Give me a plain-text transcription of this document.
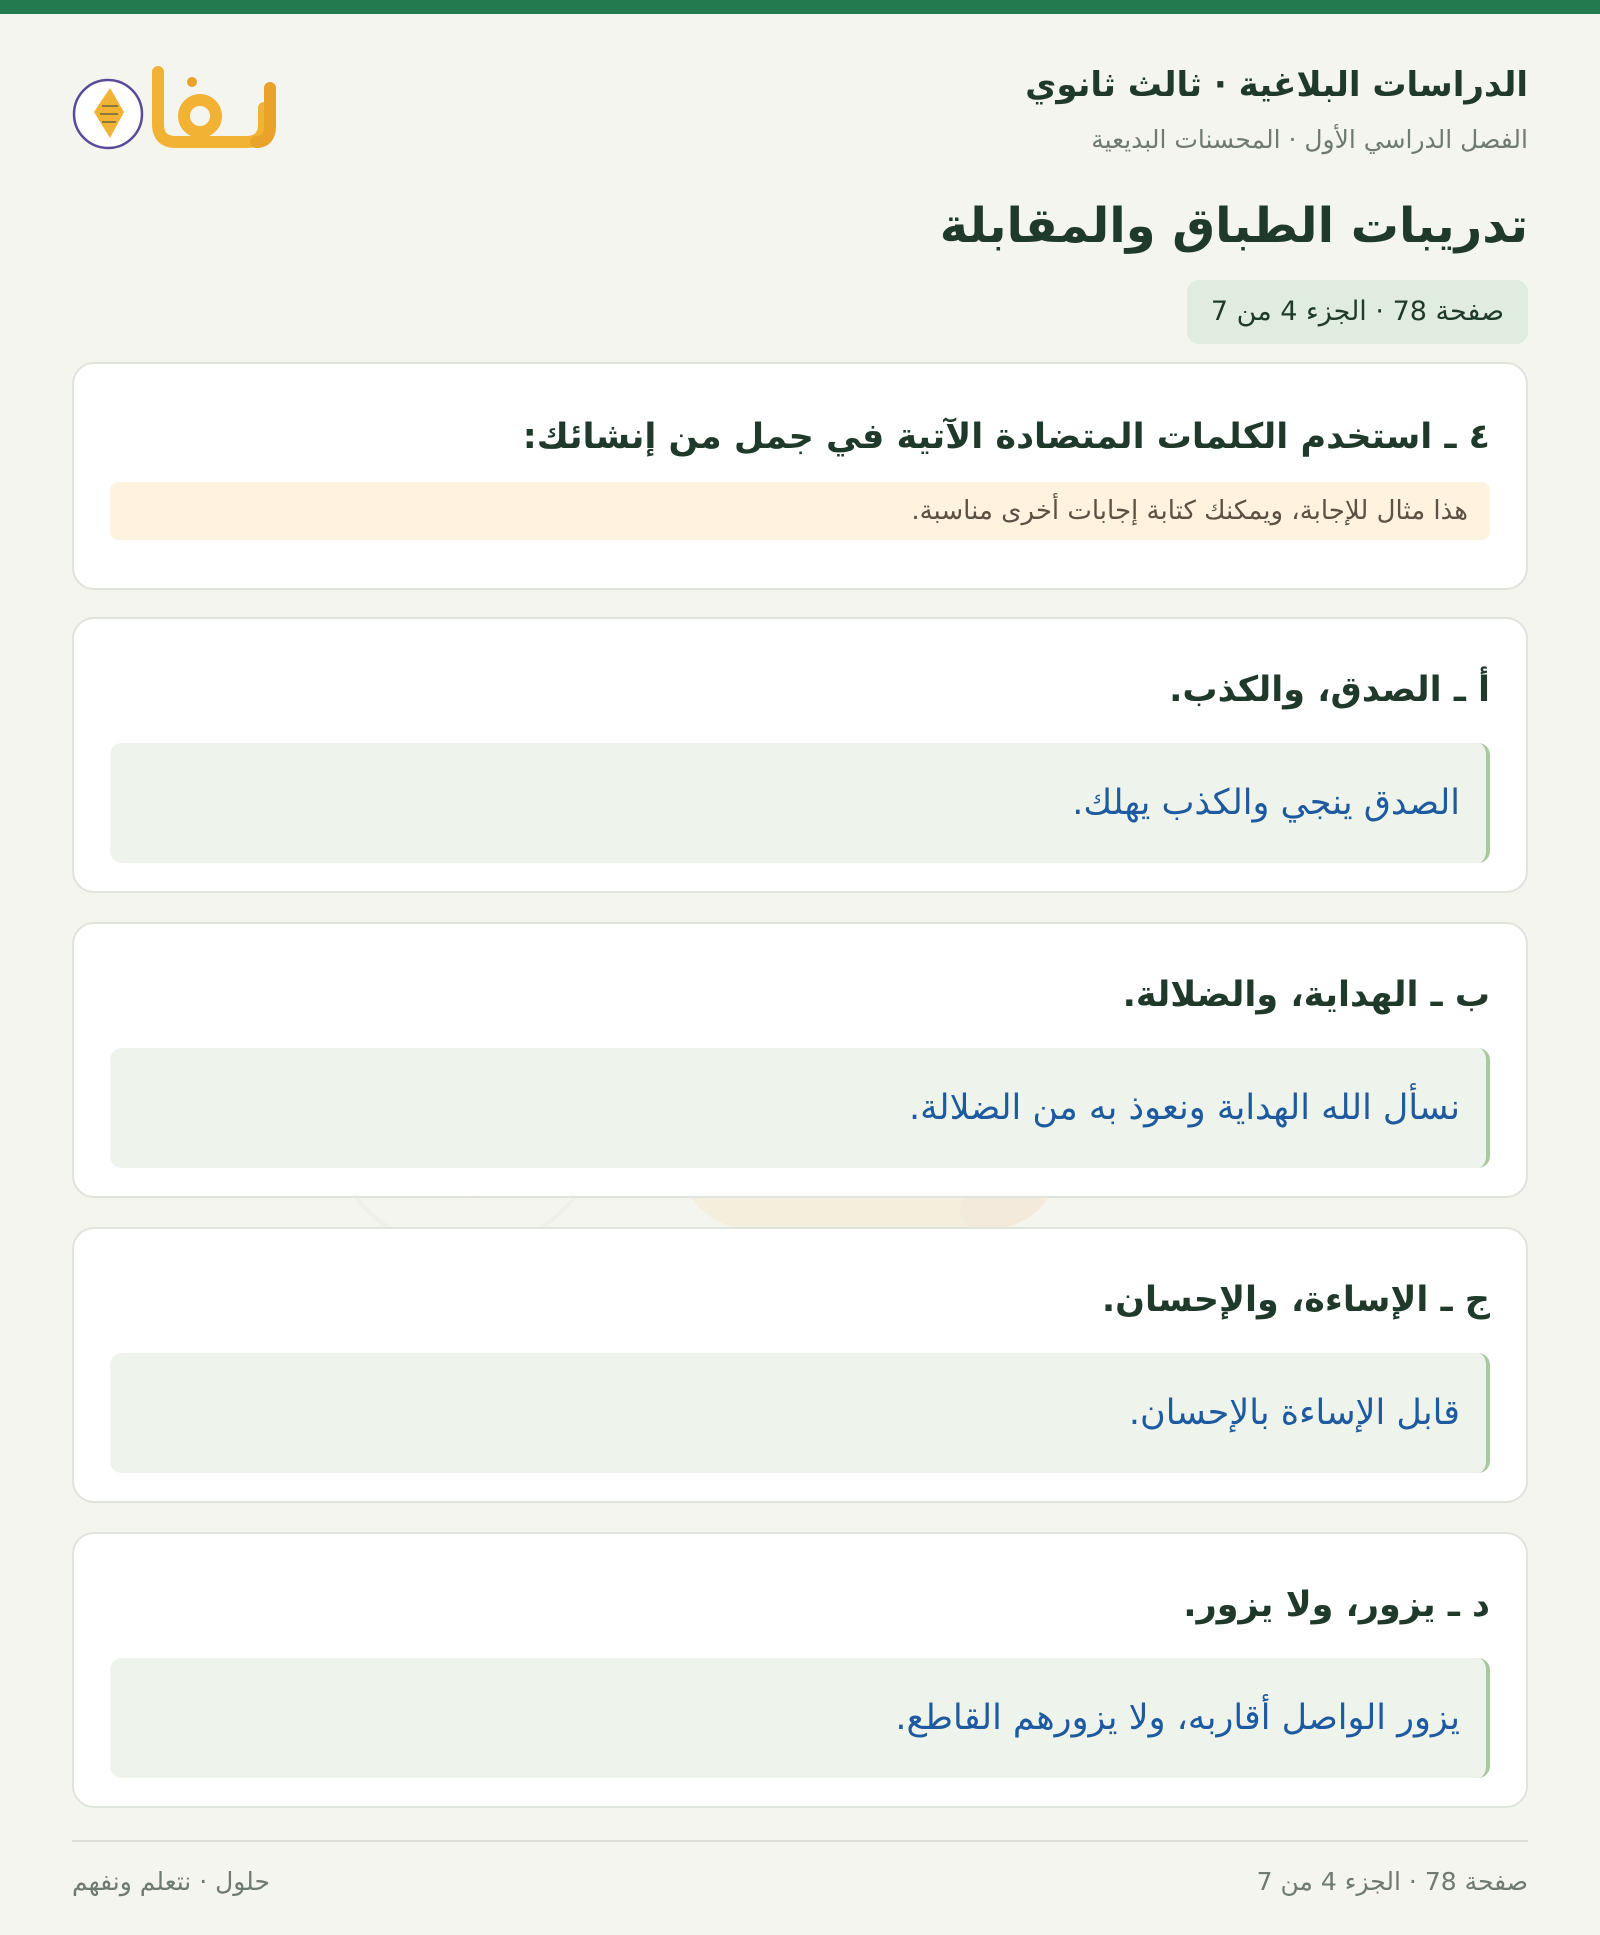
الدراسات البلاغية · ثالث ثانوي
الفصل الدراسي الأول · المحسنات البديعية
تدريبات الطباق والمقابلة
صفحة 78 · الجزء 4 من 7
٤ ـ استخدم الكلمات المتضادة الآتية في جمل من إنشائك:
هذا مثال للإجابة، ويمكنك كتابة إجابات أخرى مناسبة.
أ ـ الصدق، والكذب.
الصدق ينجي والكذب يهلك.
ب ـ الهداية، والضلالة.
نسأل الله الهداية ونعوذ به من الضلالة.
ج ـ الإساءة، والإحسان.
قابل الإساءة بالإحسان.
د ـ يزور، ولا يزور.
يزور الواصل أقاربه، ولا يزورهم القاطع.
صفحة 78 · الجزء 4 من 7
حلول · نتعلم ونفهم
